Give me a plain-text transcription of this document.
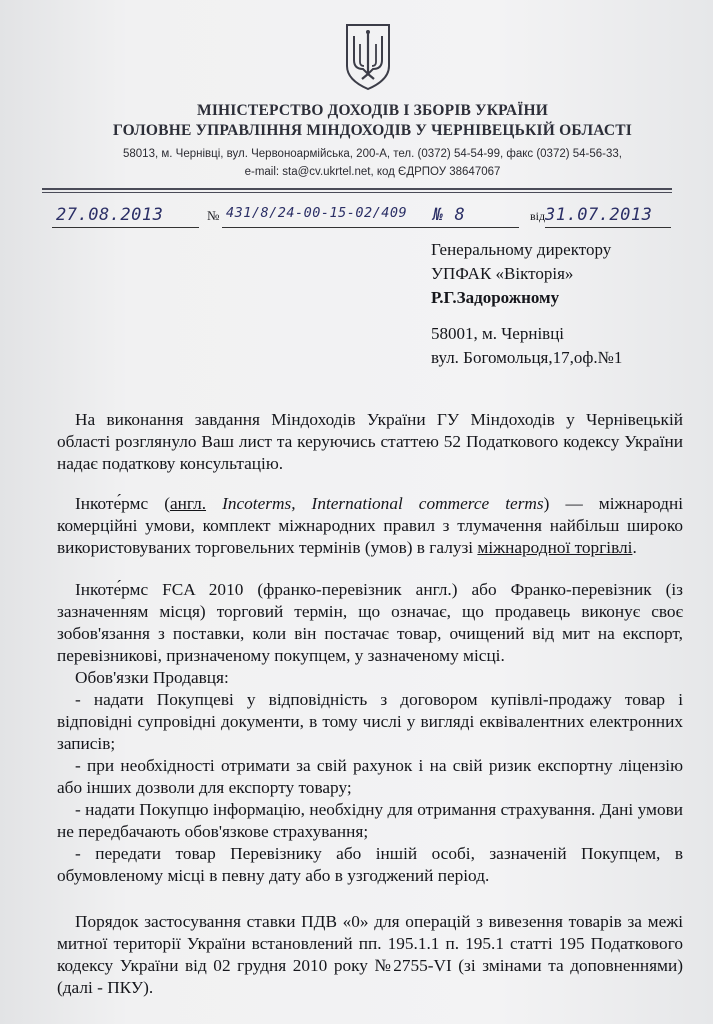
МІНІСТЕРСТВО ДОХОДІВ І ЗБОРІВ УКРАЇНИ
ГОЛОВНЕ УПРАВЛІННЯ МІНДОХОДІВ У ЧЕРНІВЕЦЬКІЙ ОБЛАСТІ
58013, м. Чернівці, вул. Червоноармійська, 200-А, тел. (0372) 54-54-99, факс (0372) 54-56-33,
e-mail: sta@cv.ukrtel.net, код ЄДРПОУ 38647067
27.08.2013	№ 431/8/24-00-15-02/409 № 8	від 31.07.2013
Генеральному директору
УПФАК «Вікторія»
Р.Г.Задорожному
58001, м. Чернівці
вул. Богомольця,17,оф.№1
На виконання завдання Міндоходів України ГУ Міндоходів у Чернівецькій області розглянуло Ваш лист та керуючись статтею 52 Податкового кодексу України надає податкову консультацію.
Інкоте́рмс (англ. Incoterms, International commerce terms) — міжнародні комерційні умови, комплект міжнародних правил з тлумачення найбільш широко використовуваних торговельних термінів (умов) в галузі міжнародної торгівлі.
Інкоте́рмс FCA 2010 (франко-перевізник англ.) або Франко-перевізник (із зазначенням місця) торговий термін, що означає, що продавець виконує своє зобов'язання з поставки, коли він постачає товар, очищений від мит на експорт, перевізникові, призначеному покупцем, у зазначеному місці.
Обов'язки Продавця:
- надати Покупцеві у відповідність з договором купівлі-продажу товар і відповідні супровідні документи, в тому числі у вигляді еквівалентних електронних записів;
- при необхідності отримати за свій рахунок і на свій ризик експортну ліцензію або інших дозволи для експорту товару;
- надати Покупцю інформацію, необхідну для отримання страхування. Дані умови не передбачають обов'язкове страхування;
- передати товар Перевізнику або іншій особі, зазначеній Покупцем, в обумовленому місці в певну дату або в узгоджений період.
Порядок застосування ставки ПДВ «0» для операцій з вивезення товарів за межі митної території України встановлений пп. 195.1.1 п. 195.1 статті 195 Податкового кодексу України від 02 грудня 2010 року №2755-VI (зі змінами та доповненнями) (далі - ПКУ).
